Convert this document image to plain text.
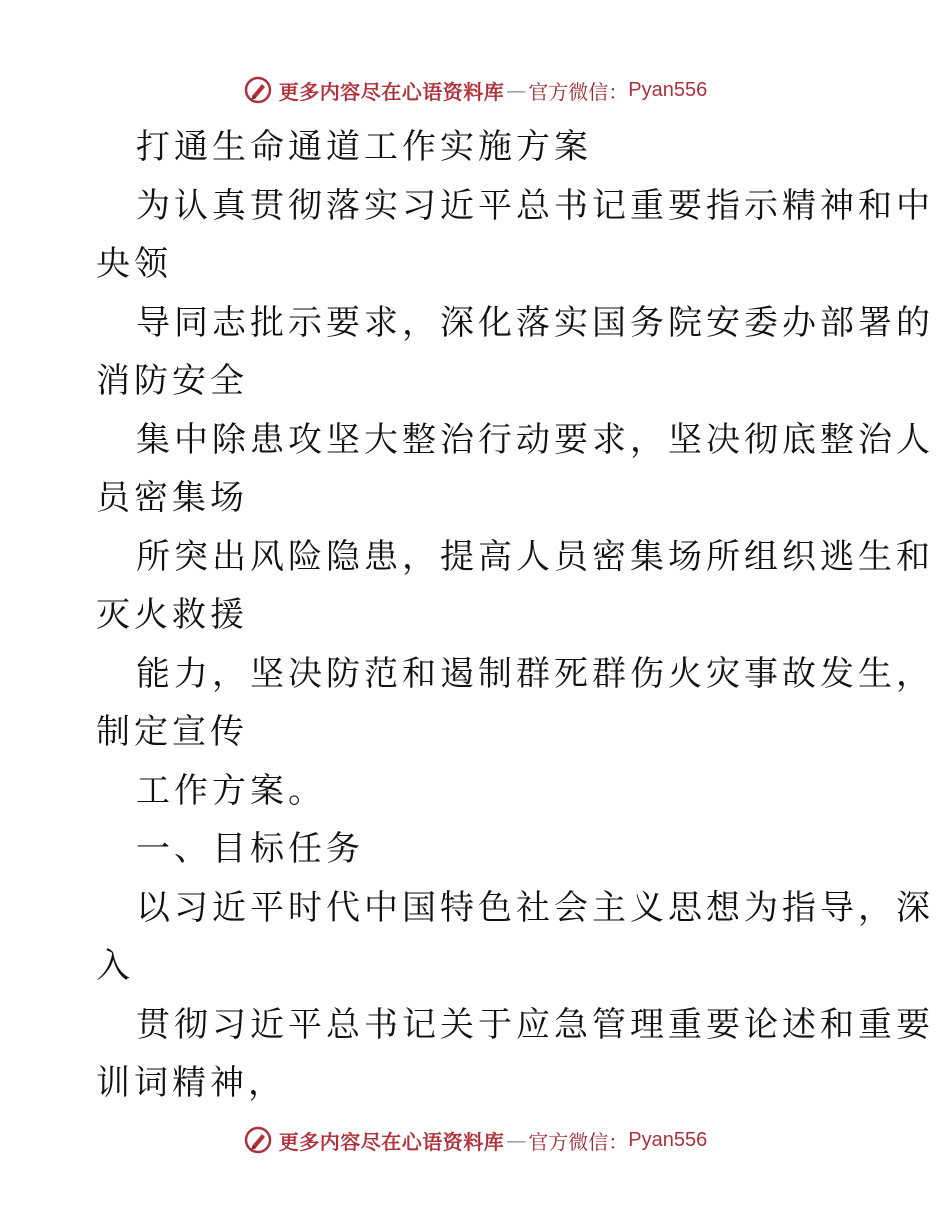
更多内容尽在心语资料库 — 官方微信： Pyan556

打通生命通道工作实施方案

为认真贯彻落实习近平总书记重要指示精神和中

央领

导同志批示要求，深化落实国务院安委办部署的

消防安全

集中除患攻坚大整治行动要求，坚决彻底整治人

员密集场

所突出风险隐患，提高人员密集场所组织逃生和

灭火救援

能力，坚决防范和遏制群死群伤火灾事故发生，

制定宣传

工作方案。

一、目标任务

以习近平时代中国特色社会主义思想为指导，深

入

贯彻习近平总书记关于应急管理重要论述和重要

训词精神，

更多内容尽在心语资料库 — 官方微信： Pyan556
